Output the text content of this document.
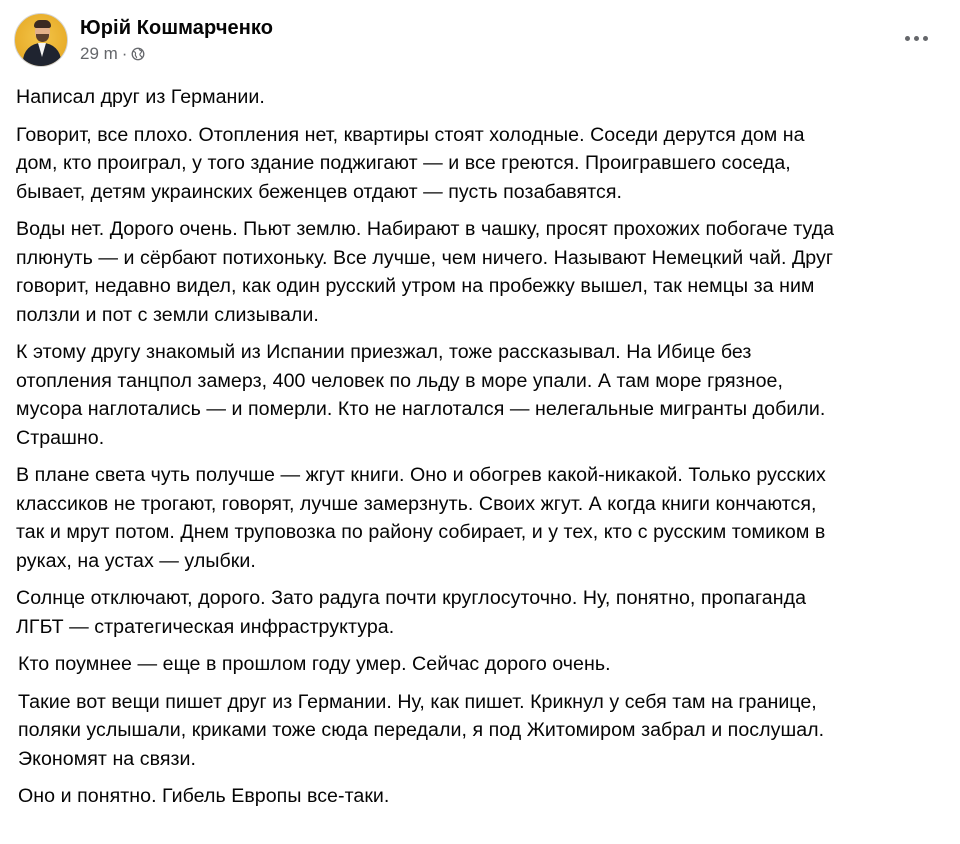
Юрій Кошмарченко
29 m ·

Написал друг из Германии.

Говорит, все плохо. Отопления нет, квартиры стоят холодные. Соседи дерутся дом на
дом, кто проиграл, у того здание поджигают — и все греются. Проигравшего соседа,
бывает, детям украинских беженцев отдают — пусть позабавятся.

Воды нет. Дорого очень. Пьют землю. Набирают в чашку, просят прохожих побогаче туда
плюнуть — и сёрбают потихоньку. Все лучше, чем ничего. Называют Немецкий чай. Друг
говорит, недавно видел, как один русский утром на пробежку вышел, так немцы за ним
ползли и пот с земли слизывали.

К этому другу знакомый из Испании приезжал, тоже рассказывал. На Ибице без
отопления танцпол замерз, 400 человек по льду в море упали. А там море грязное,
мусора наглотались — и померли. Кто не наглотался — нелегальные мигранты добили.
Страшно.

В плане света чуть получше — жгут книги. Оно и обогрев какой-никакой. Только русских
классиков не трогают, говорят, лучше замерзнуть. Своих жгут. А когда книги кончаются,
так и мрут потом. Днем труповозка по району собирает, и у тех, кто с русским томиком в
руках, на устах — улыбки.

Солнце отключают, дорого. Зато радуга почти круглосуточно. Ну, понятно, пропаганда
ЛГБТ — стратегическая инфраструктура.

Кто поумнее — еще в прошлом году умер. Сейчас дорого очень.

Такие вот вещи пишет друг из Германии. Ну, как пишет. Крикнул у себя там на границе,
поляки услышали, криками тоже сюда передали, я под Житомиром забрал и послушал.
Экономят на связи.

Оно и понятно. Гибель Европы все-таки.
